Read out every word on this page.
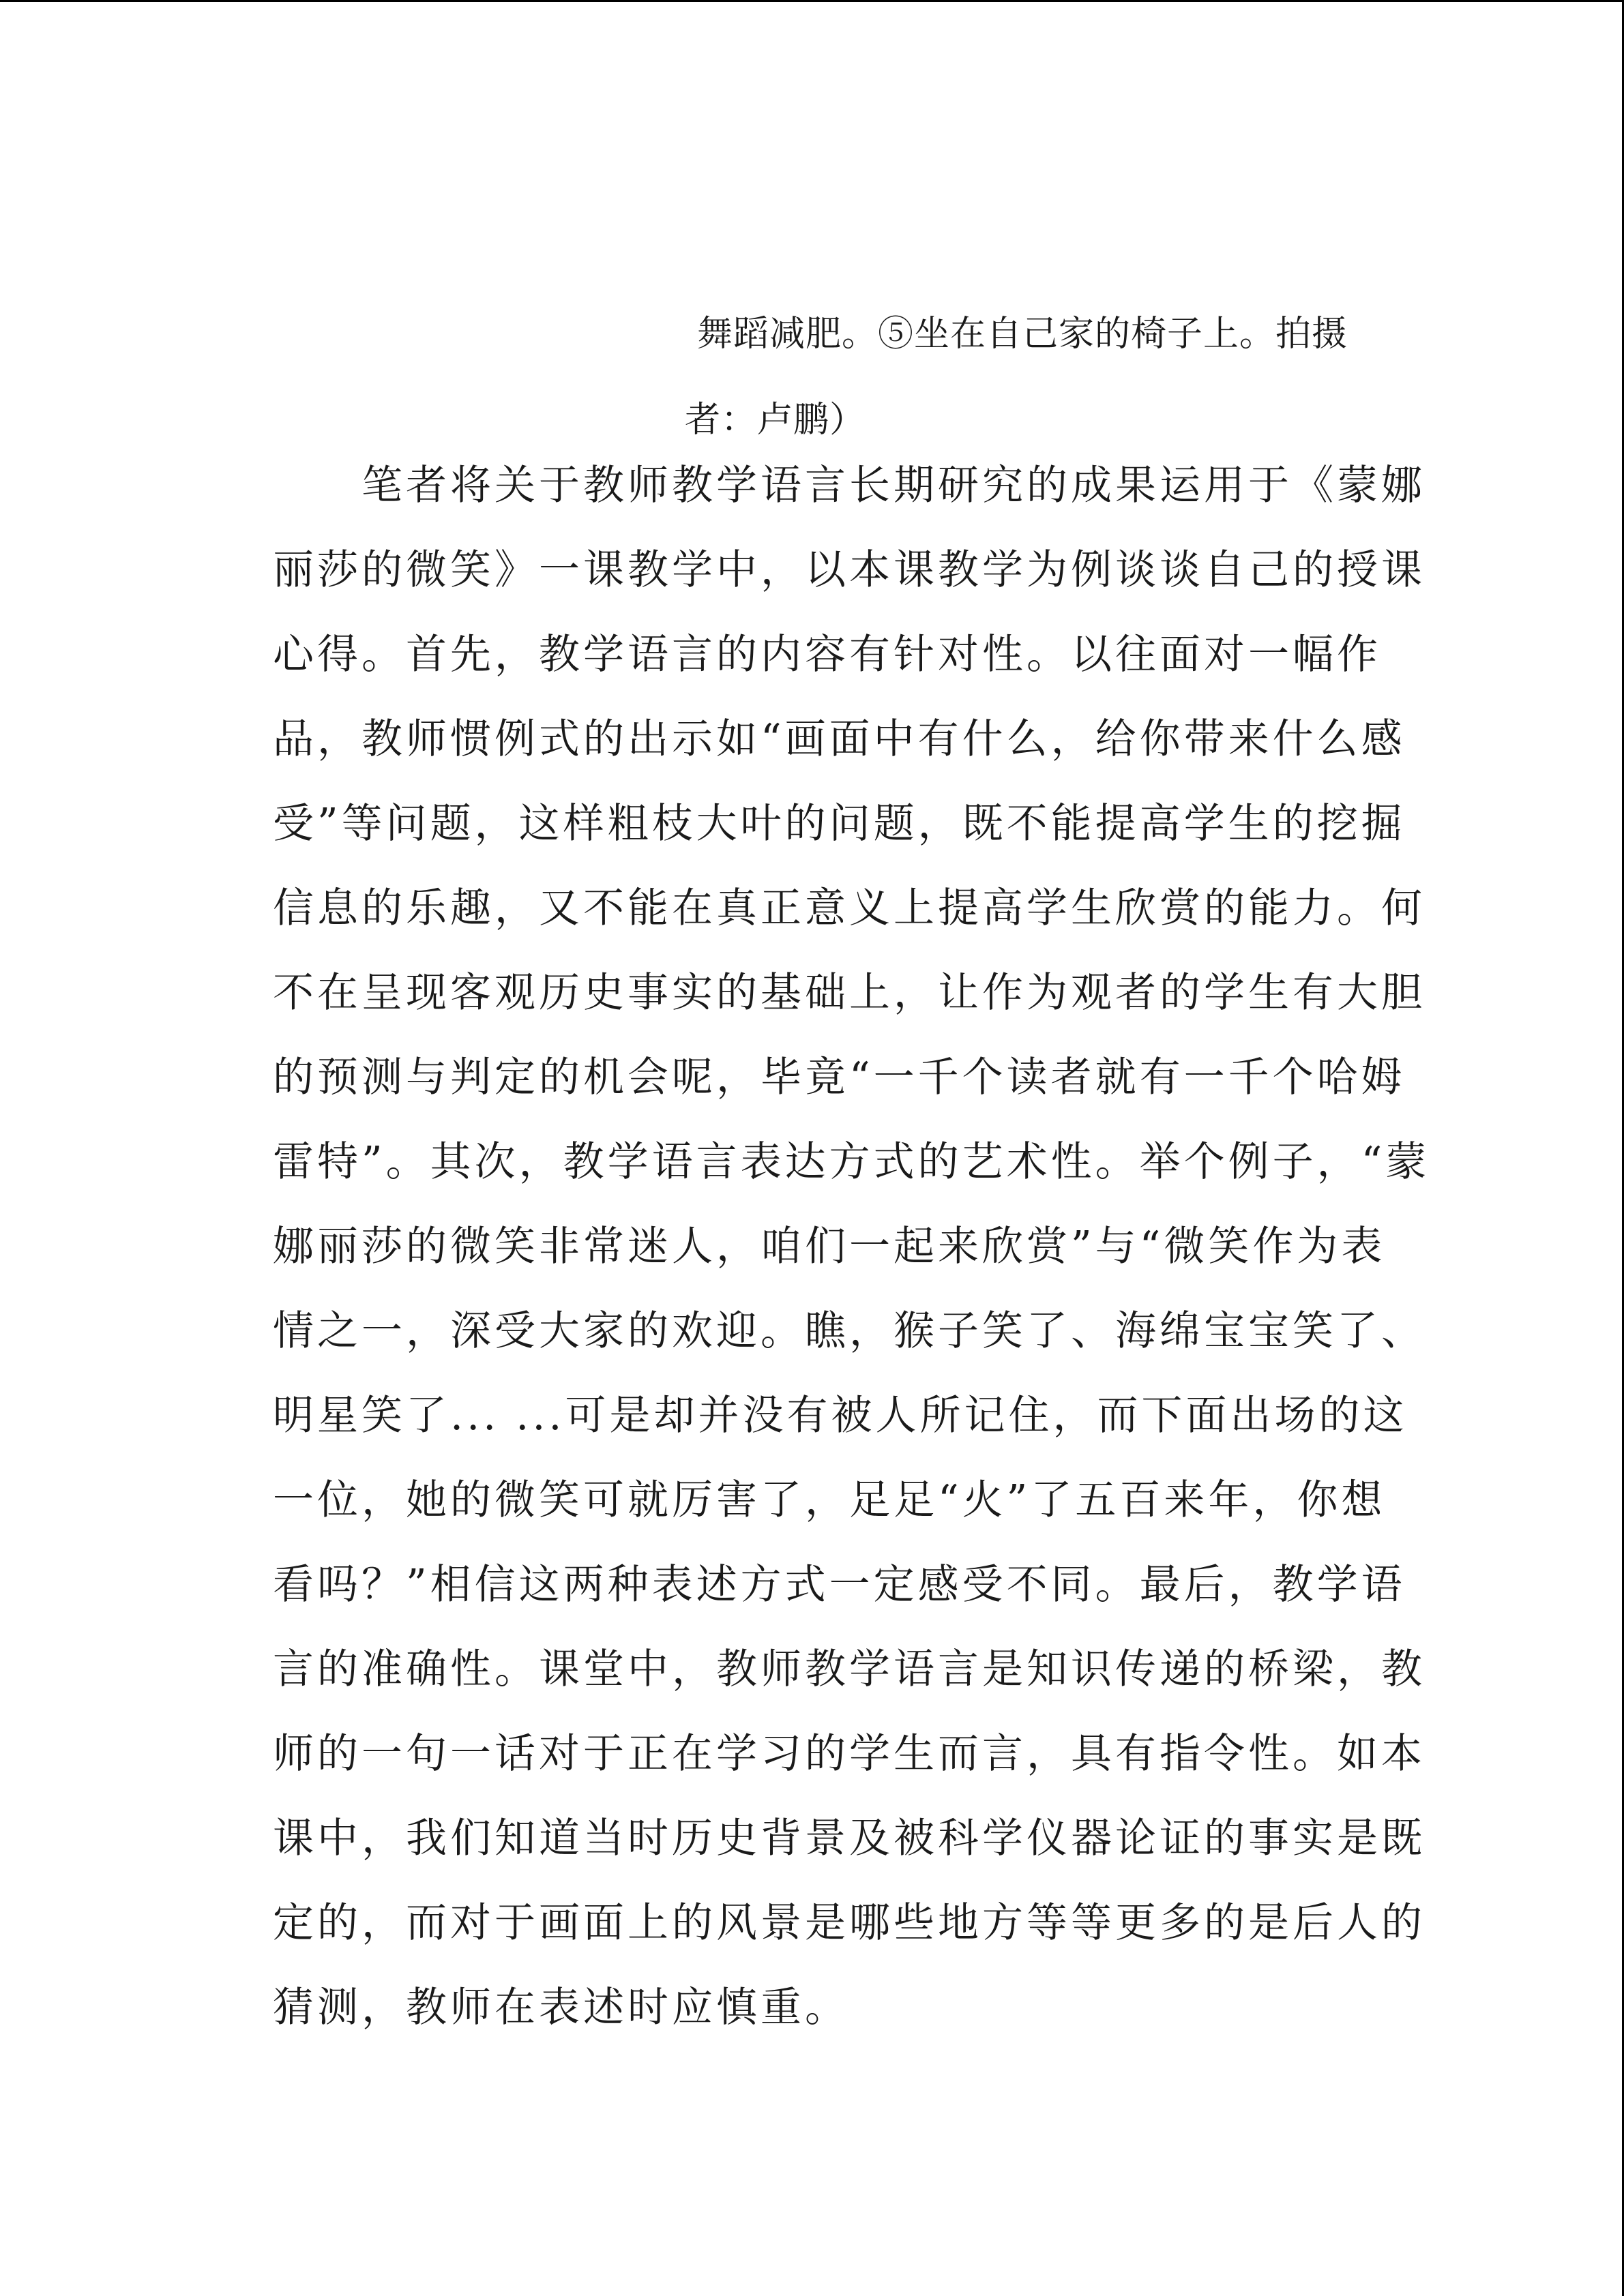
舞蹈减肥。⑤坐在自己家的椅子上。拍摄
者：卢鹏）
笔者将关于教师教学语言长期研究的成果运用于《蒙娜
丽莎的微笑》一课教学中，以本课教学为例谈谈自己的授课
心得。首先，教学语言的内容有针对性。以往面对一幅作
品，教师惯例式的出示如“画面中有什么，给你带来什么感
受”等问题，这样粗枝大叶的问题，既不能提高学生的挖掘
信息的乐趣，又不能在真正意义上提高学生欣赏的能力。何
不在呈现客观历史事实的基础上，让作为观者的学生有大胆
的预测与判定的机会呢，毕竟“一千个读者就有一千个哈姆
雷特”。其次，教学语言表达方式的艺术性。举个例子，“蒙
娜丽莎的微笑非常迷人，咱们一起来欣赏”与“微笑作为表
情之一，深受大家的欢迎。瞧，猴子笑了、海绵宝宝笑了、
明星笑了... ...可是却并没有被人所记住，而下面出场的这
一位，她的微笑可就厉害了，足足“火”了五百来年，你想
看吗？”相信这两种表述方式一定感受不同。最后，教学语
言的准确性。课堂中，教师教学语言是知识传递的桥梁，教
师的一句一话对于正在学习的学生而言，具有指令性。如本
课中，我们知道当时历史背景及被科学仪器论证的事实是既
定的，而对于画面上的风景是哪些地方等等更多的是后人的
猜测，教师在表述时应慎重。
